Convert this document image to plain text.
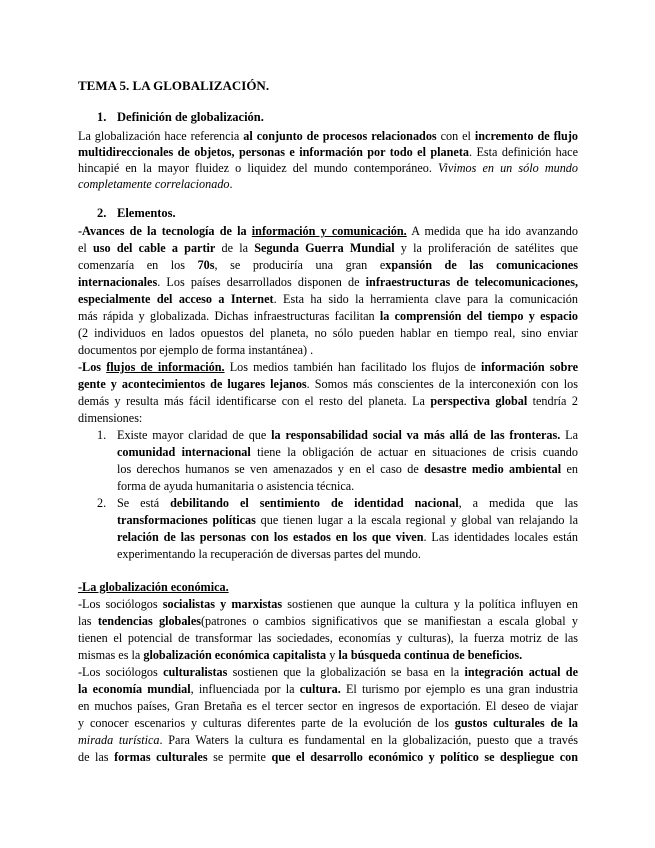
TEMA 5. LA GLOBALIZACIÓN.
1. Definición de globalización.
La globalización hace referencia al conjunto de procesos relacionados con el incremento de flujo
multidireccionales de objetos, personas e información por todo el planeta. Esta definición hace
hincapié en la mayor fluidez o liquidez del mundo contemporáneo. Vivimos en un sólo mundo
completamente correlacionado.
2. Elementos.
-Avances de la tecnología de la información y comunicación. A medida que ha ido avanzando
el uso del cable a partir de la Segunda Guerra Mundial y la proliferación de satélites que
comenzaría en los 70s, se produciría una gran expansión de las comunicaciones
internacionales. Los países desarrollados disponen de infraestructuras de telecomunicaciones,
especialmente del acceso a Internet. Esta ha sido la herramienta clave para la comunicación
más rápida y globalizada. Dichas infraestructuras facilitan la comprensión del tiempo y espacio
(2 individuos en lados opuestos del planeta, no sólo pueden hablar en tiempo real, sino enviar
documentos por ejemplo de forma instantánea) .
-Los flujos de información. Los medios también han facilitado los flujos de información sobre
gente y acontecimientos de lugares lejanos. Somos más conscientes de la interconexión con los
demás y resulta más fácil identificarse con el resto del planeta. La perspectiva global tendría 2
dimensiones:
1. Existe mayor claridad de que la responsabilidad social va más allá de las fronteras. La
comunidad internacional tiene la obligación de actuar en situaciones de crisis cuando
los derechos humanos se ven amenazados y en el caso de desastre medio ambiental en
forma de ayuda humanitaria o asistencia técnica.
2. Se está debilitando el sentimiento de identidad nacional, a medida que las
transformaciones políticas que tienen lugar a la escala regional y global van relajando la
relación de las personas con los estados en los que viven. Las identidades locales están
experimentando la recuperación de diversas partes del mundo.
-La globalización económica.
-Los sociólogos socialistas y marxistas sostienen que aunque la cultura y la política influyen en
las tendencias globales(patrones o cambios significativos que se manifiestan a escala global y
tienen el potencial de transformar las sociedades, economías y culturas), la fuerza motriz de las
mismas es la globalización económica capitalista y la búsqueda continua de beneficios.
-Los sociólogos culturalistas sostienen que la globalización se basa en la integración actual de
la economía mundial, influenciada por la cultura. El turismo por ejemplo es una gran industria
en muchos países, Gran Bretaña es el tercer sector en ingresos de exportación. El deseo de viajar
y conocer escenarios y culturas diferentes parte de la evolución de los gustos culturales de la
mirada turística. Para Waters la cultura es fundamental en la globalización, puesto que a través
de las formas culturales se permite que el desarrollo económico y político se despliegue con
